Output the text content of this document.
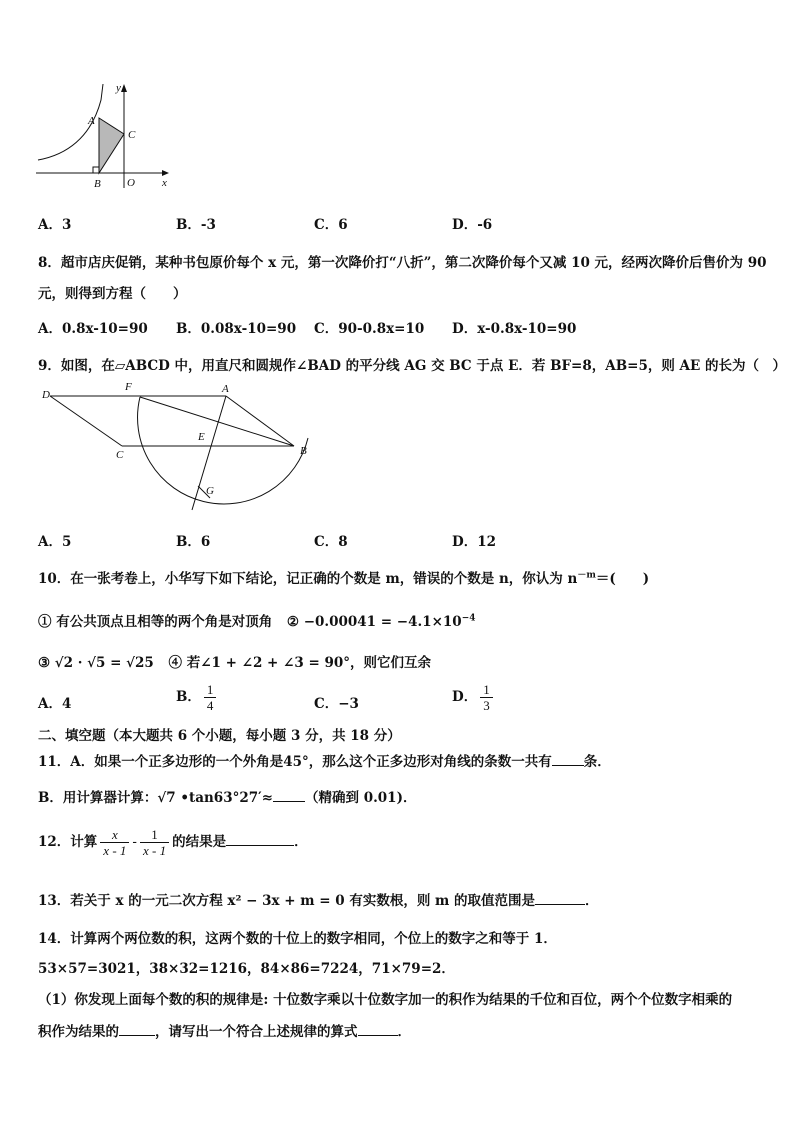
y
A
C
B O x
A．3	B．-3	C．6	D．-6
8．超市店庆促销，某种书包原价每个 x 元，第一次降价打“八折”，第二次降价每个又减 10 元，经两次降价后售价为 90
元，则得到方程（　　）
A．0.8x-10=90 B．0.08x-10=90 C．90-0.8x=10 D．x-0.8x-10=90
9．如图，在▱ABCD 中，用直尺和圆规作∠BAD 的平分线 AG 交 BC 于点 E．若 BF=8，AB=5，则 AE 的长为（　）
D
F	A
E
C	B
G
A．5	B．6	C．8	D．12
10．在一张考卷上，小华写下如下结论，记正确的个数是 m，错误的个数是 n，你认为 $n^{-m}=$(　　)
① 有公共顶点且相等的两个角是对顶角 ② $-0.00041 = -4.1\times 10^{-4}$
③ √2 · √5 = √25 ④ 若∠1 + ∠2 + ∠3 = 90°，则它们互余
A．4	B． $\frac{1}{4}$	C．−3	D． $\frac{1}{3}$
二、填空题（本大题共 6 个小题，每小题 3 分，共 18 分）
11．A．如果一个正多边形的一个外角是45°，那么这个正多边形对角线的条数一共有 条．
B．用计算器计算：√7 •tan63°27′≈ （精确到 0.01)．
12．计算 $\frac{x}{x - 1} - \frac{1}{x - 1}$ 的结果是	．
13．若关于 x 的一元二次方程 x² − 3x + m = 0 有实数根，则 m 的取值范围是	．
14．计算两个两位数的积，这两个数的十位上的数字相同，个位上的数字之和等于 1．
53×57=3021，38×32=1216，84×86=7224，71×79=2．
（1）你发现上面每个数的积的规律是: 十位数字乘以十位数字加一的积作为结果的千位和百位，两个个位数字相乘的
积作为结果的	，请写出一个符合上述规律的算式	．
